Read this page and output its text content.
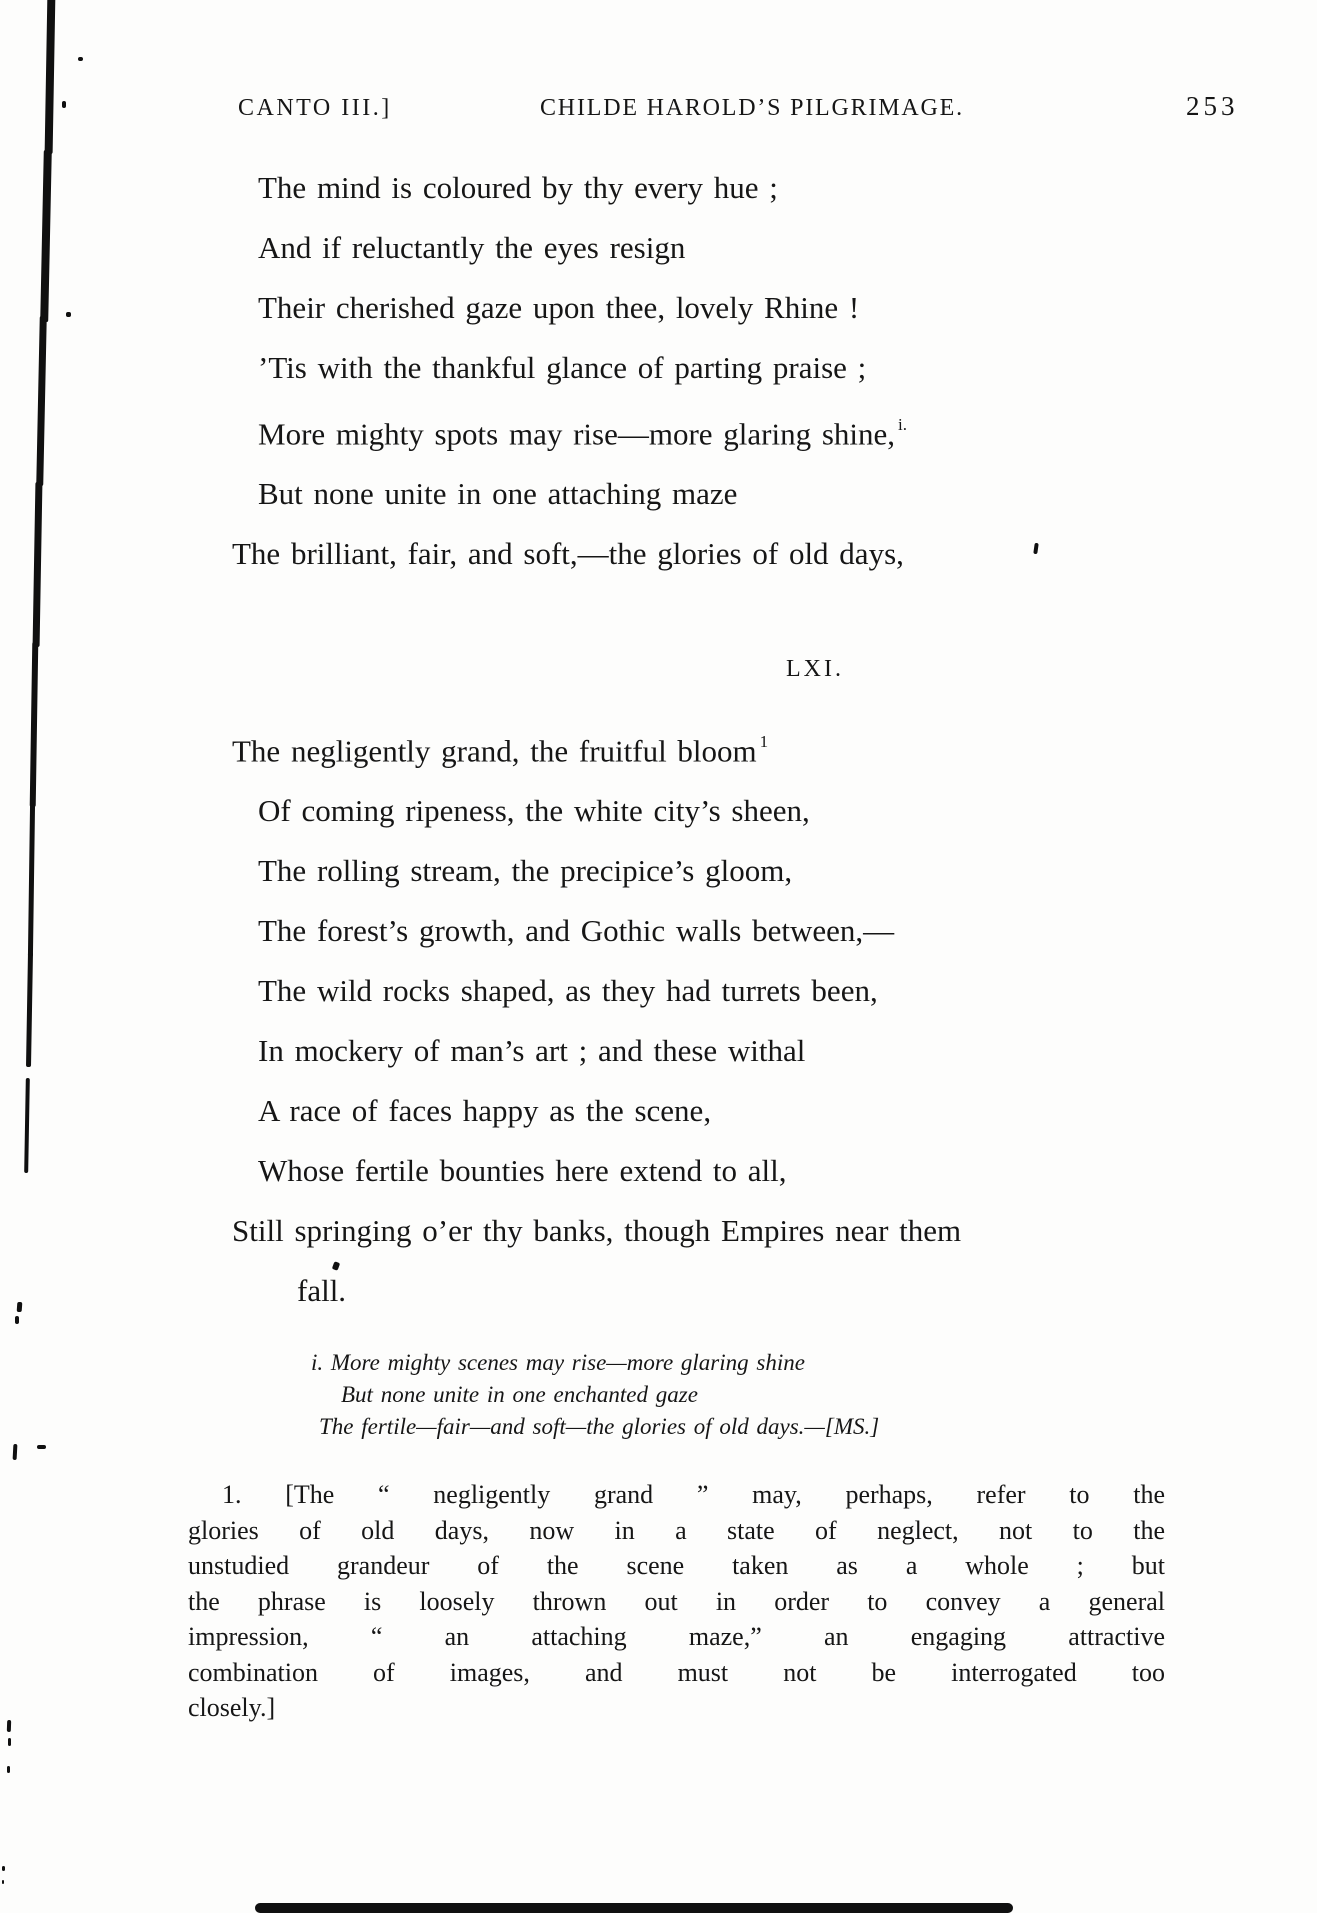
CANTO III.]	CHILDE HAROLD’S PILGRIMAGE.	253
The mind is coloured by thy every hue ;
And if reluctantly the eyes resign
Their cherished gaze upon thee, lovely Rhine !
’Tis with the thankful glance of parting praise ;
More mighty spots may rise—more glaring shine, $^{i.}$
But none unite in one attaching maze
The brilliant, fair, and soft,—the glories of old days,
LXI.
The negligently grand, the fruitful bloom $^1$
Of coming ripeness, the white city’s sheen,
The rolling stream, the precipice’s gloom,
The forest’s growth, and Gothic walls between,—
The wild rocks shaped, as they had turrets been,
In mockery of man’s art ; and these withal
A race of faces happy as the scene,
Whose fertile bounties here extend to all,
Still springing o’er thy banks, though Empires near them
fall.
i. More mighty scenes may rise—more glaring shine
But none unite in one enchanted gaze
The fertile—fair—and soft—the glories of old days.—[MS.]
1. [The “ negligently grand ” may, perhaps, refer to the
glories of old days, now in a state of neglect, not to the
unstudied grandeur of the scene taken as a whole ; but
the phrase is loosely thrown out in order to convey a general
impression, “ an attaching maze,” an engaging attractive
combination of images, and must not be interrogated too
closely.]
